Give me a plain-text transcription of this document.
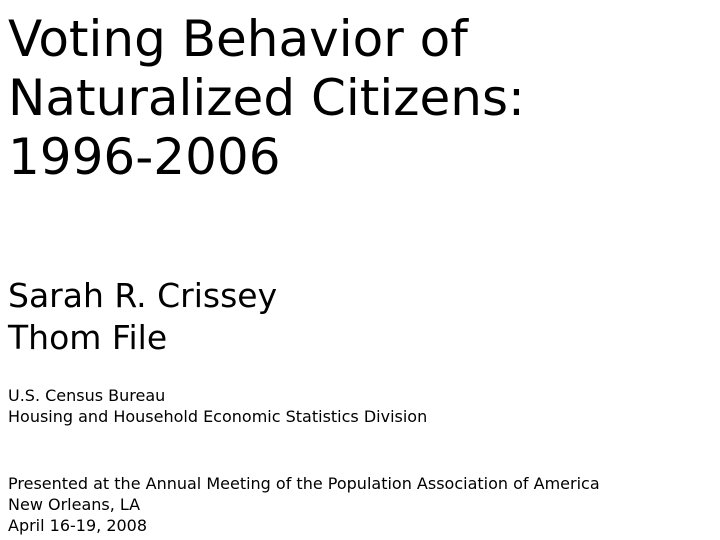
Voting Behavior of
Naturalized Citizens:
1996-2006
Sarah R. Crissey
Thom File
U.S. Census Bureau
Housing and Household Economic Statistics Division
Presented at the Annual Meeting of the Population Association of America
New Orleans, LA
April 16-19, 2008
